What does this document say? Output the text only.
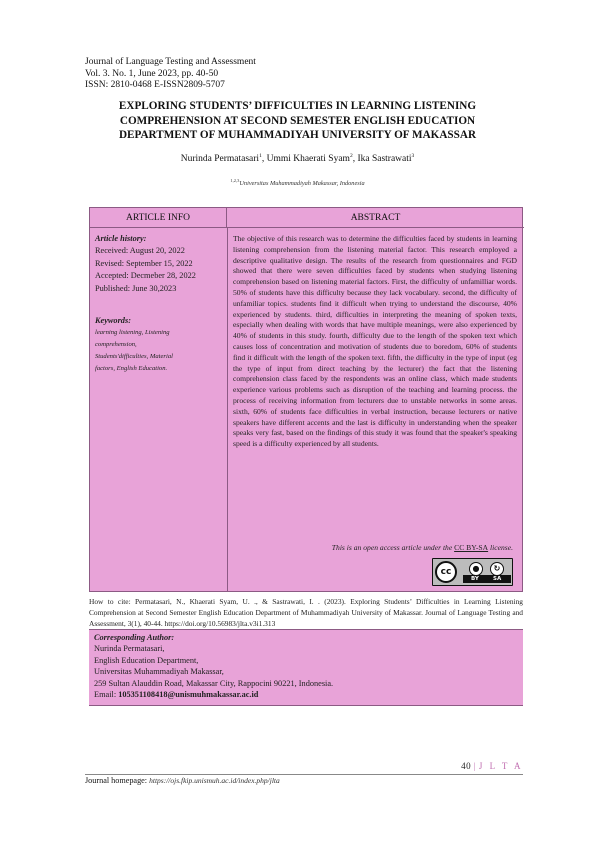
Journal of Language Testing and Assessment
Vol. 3. No. 1, June 2023, pp. 40-50
ISSN: 2810-0468 E-ISSN2809-5707
EXPLORING STUDENTS’ DIFFICULTIES IN LEARNING LISTENING
COMPREHENSION AT SECOND SEMESTER ENGLISH EDUCATION
DEPARTMENT OF MUHAMMADIYAH UNIVERSITY OF MAKASSAR
Nurinda Permatasari$^1$, Ummi Khaerati Syam$^2$, Ika Sastrawati$^3$
$^{1,2,3}$Universitas Muhammadiyah Makassar, Indonesia
ARTICLE INFO	ABSTRACT
Article history:
Received: August 20, 2022
Revised: September 15, 2022
Accepted: Decmeber 28, 2022
Published: June 30,2023
Keywords:
learning listening, Listening
comprehension,
Students'difficulties, Material
factors, English Education.
The objective of this research was to determine the difficulties faced by students in learning listening comprehension from the listening material factor. This research employed a descriptive qualitative design. The results of the research from questionnaires and FGD showed that there were seven difficulties faced by students when studying listening comprehension based on listening material factors. First, the difficulty of unfamilliar words. 50% of students have this difficulty because they lack vocabulary. second, the difficulty of unfamiliar topics. students find it difficult when trying to understand the discourse, 40% experienced by students. third, difficulties in interpreting the meaning of spoken texts, especially when dealing with words that have multiple meanings, were also experienced by 40% of students in this study. fourth, difficulty due to the length of the spoken text which causes loss of concentration and motivation of students due to boredom, 60% of students find it difficult with the length of the spoken text. fifth, the difficulty in the type of input (eg the type of input from direct teaching by the lecturer) the fact that the listening comprehension class faced by the respondents was an online class, which made students experience various problems such as disruption of the teaching and learning process. the process of receiving information from lecturers due to unstable networks in some areas. sixth, 60% of students face difficulties in verbal instruction, because lecturers or native speakers have different accents and the last is difficulty in understanding when the speaker speaks very fast, based on the findings of this study it was found that the speaker's speaking speed is a difficulty experienced by all students.
This is an open access article under the CC BY-SA license.
cc	●	↻
BY	SA
How to cite: Permatasari, N., Khaerati Syam, U. ., & Sastrawati, I. . (2023). Exploring Students’ Difficulties in Learning Listening Comprehension at Second Semester English Education Department of Muhammadiyah University of Makassar. Journal of Language Testing and Assessment, 3(1), 40-44. https://doi.org/10.56983/jlta.v3i1.313
Corresponding Author:
Nurinda Permatasari,
English Education Department,
Universitas Muhammadiyah Makassar,
259 Sultan Alauddin Road, Makassar City, Rappocini 90221, Indonesia.
Email: 105351108418@unismuhmakassar.ac.id
40 | J L T A
Journal homepage: https://ojs.fkip.unismuh.ac.id/index.php/jlta
